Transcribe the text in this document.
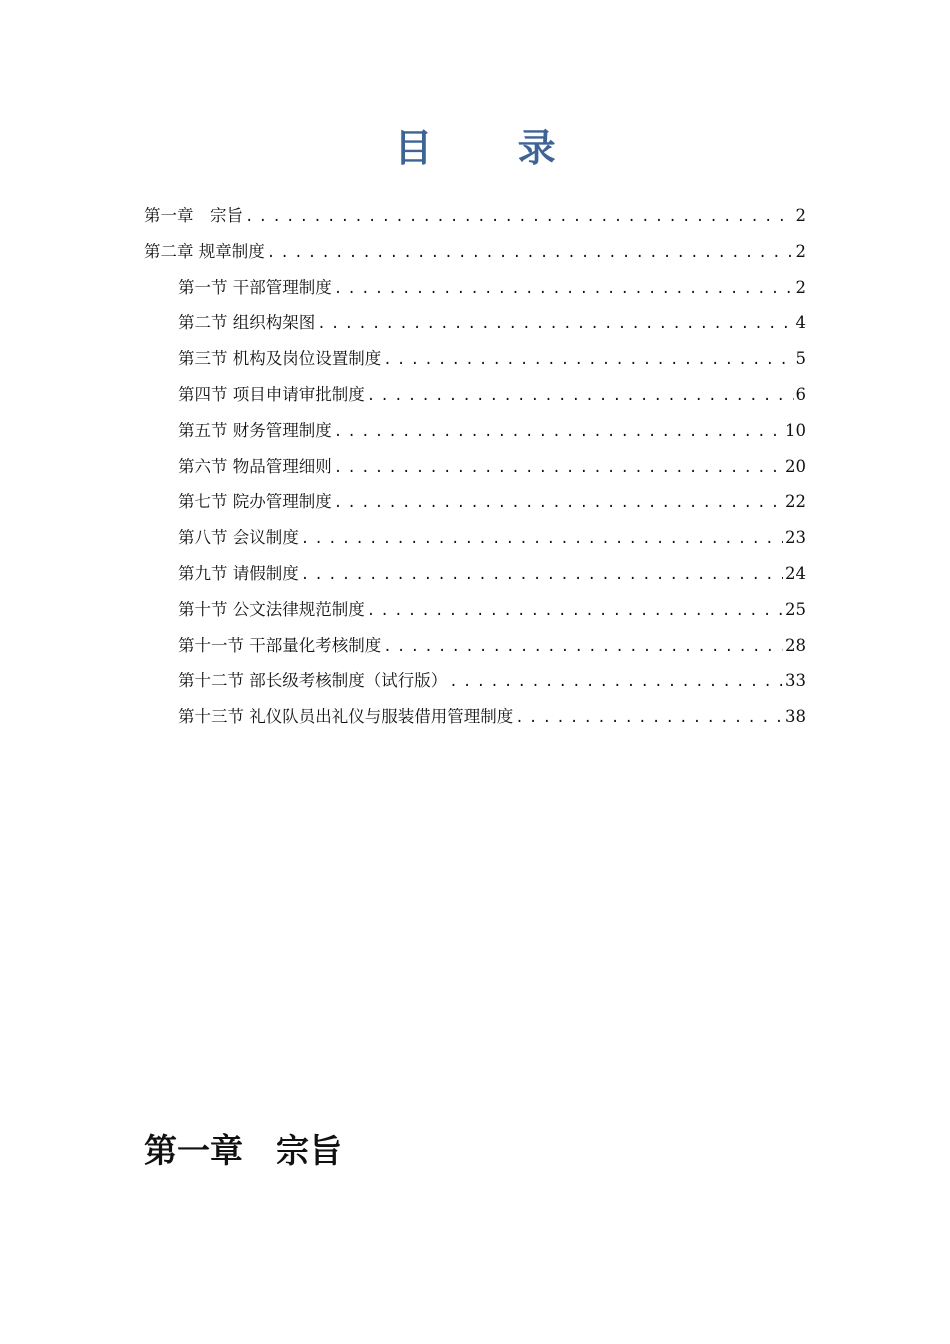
目 录
第一章　宗旨 . . .	2
第二章 规章制度 . . .	2
第一节 干部管理制度 . . .	2
第二节 组织构架图 . . .	4
第三节 机构及岗位设置制度 . . .	5
第四节 项目申请审批制度 . . .	6
第五节 财务管理制度 . . .	10
第六节 物品管理细则 . . .	20
第七节 院办管理制度 . . .	22
第八节 会议制度 . . .	23
第九节 请假制度 . . .	24
第十节 公文法律规范制度 . . .	25
第十一节 干部量化考核制度 . . .	28
第十二节 部长级考核制度（试行版） . . .	33
第十三节 礼仪队员出礼仪与服装借用管理制度 . . .	38
第一章　宗旨
